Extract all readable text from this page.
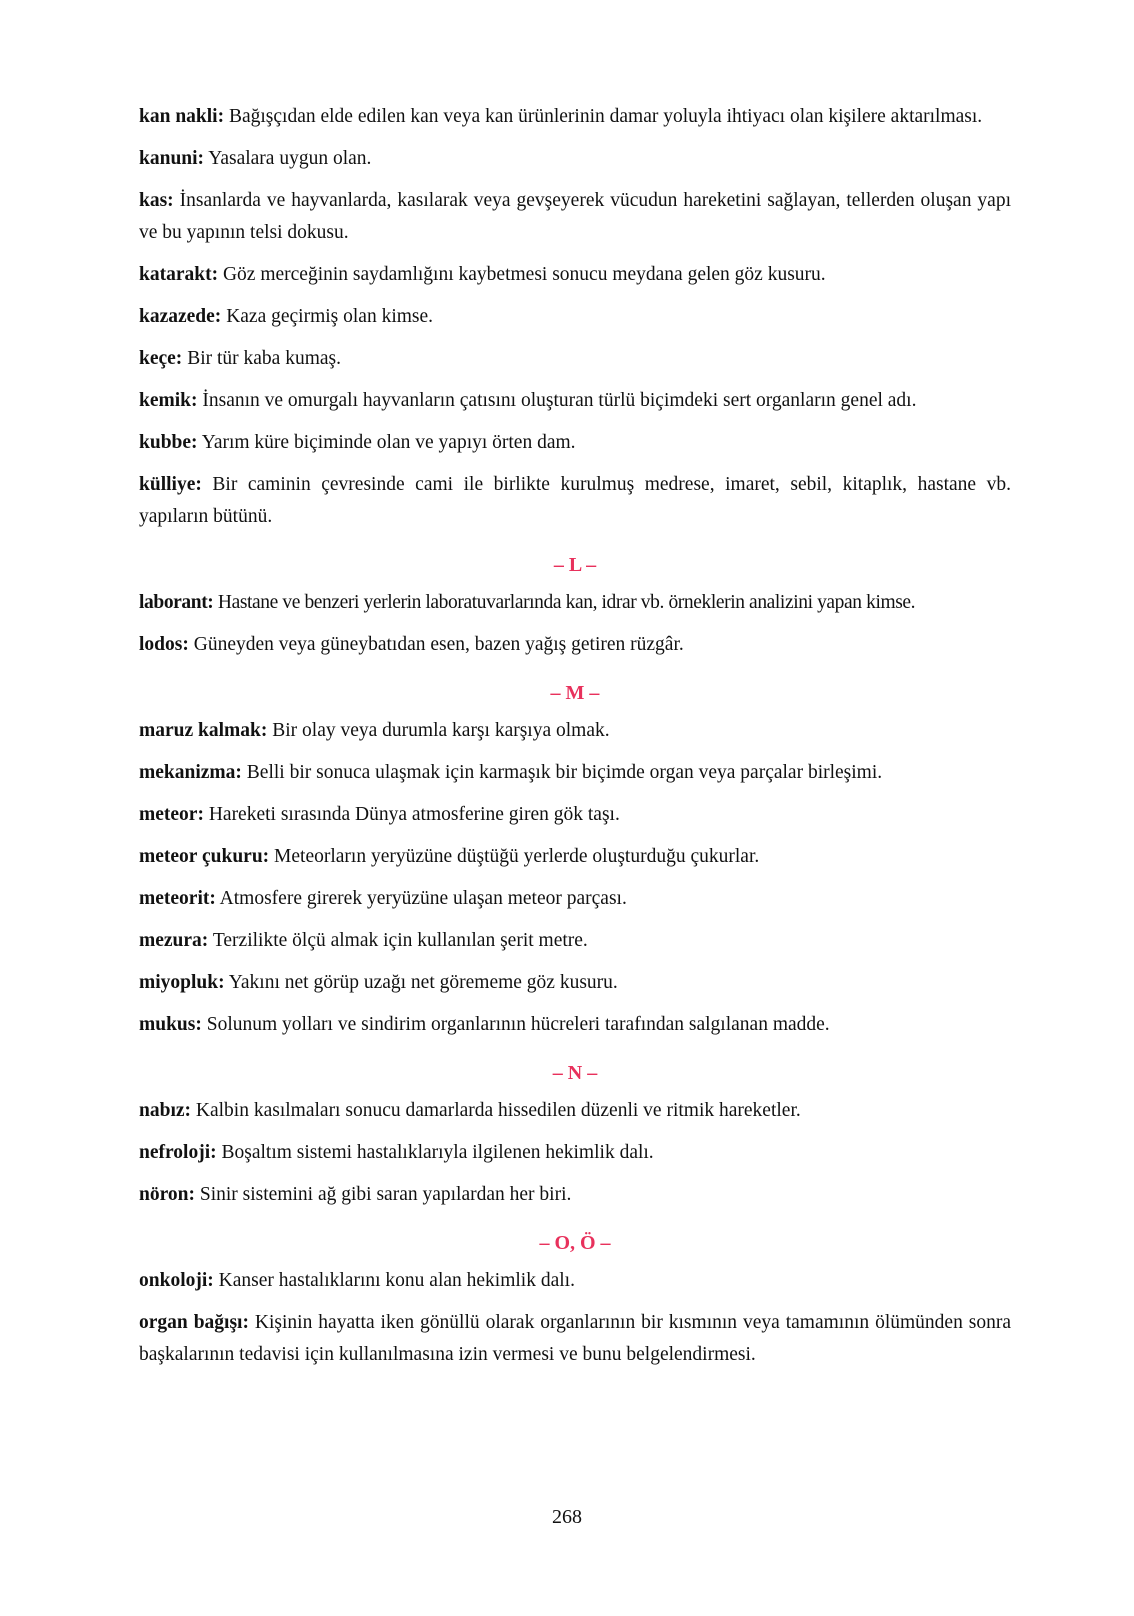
kan nakli: Bağışçıdan elde edilen kan veya kan ürünlerinin damar yoluyla ihtiyacı olan kişilere aktarılması.
kanuni: Yasalara uygun olan.
kas: İnsanlarda ve hayvanlarda, kasılarak veya gevşeyerek vücudun hareketini sağlayan, tellerden oluşan yapı ve bu yapının telsi dokusu.
katarakt: Göz merceğinin saydamlığını kaybetmesi sonucu meydana gelen göz kusuru.
kazazede: Kaza geçirmiş olan kimse.
keçe: Bir tür kaba kumaş.
kemik: İnsanın ve omurgalı hayvanların çatısını oluşturan türlü biçimdeki sert organların genel adı.
kubbe: Yarım küre biçiminde olan ve yapıyı örten dam.
külliye: Bir caminin çevresinde cami ile birlikte kurulmuş medrese, imaret, sebil, kitaplık, hastane vb. yapıların bütünü.
– L –
laborant: Hastane ve benzeri yerlerin laboratuvarlarında kan, idrar vb. örneklerin analizini yapan kimse.
lodos: Güneyden veya güneybatıdan esen, bazen yağış getiren rüzgâr.
– M –
maruz kalmak: Bir olay veya durumla karşı karşıya olmak.
mekanizma: Belli bir sonuca ulaşmak için karmaşık bir biçimde organ veya parçalar birleşimi.
meteor: Hareketi sırasında Dünya atmosferine giren gök taşı.
meteor çukuru: Meteorların yeryüzüne düştüğü yerlerde oluşturduğu çukurlar.
meteorit: Atmosfere girerek yeryüzüne ulaşan meteor parçası.
mezura: Terzilikte ölçü almak için kullanılan şerit metre.
miyopluk: Yakını net görüp uzağı net görememe göz kusuru.
mukus: Solunum yolları ve sindirim organlarının hücreleri tarafından salgılanan madde.
– N –
nabız: Kalbin kasılmaları sonucu damarlarda hissedilen düzenli ve ritmik hareketler.
nefroloji: Boşaltım sistemi hastalıklarıyla ilgilenen hekimlik dalı.
nöron: Sinir sistemini ağ gibi saran yapılardan her biri.
– O, Ö –
onkoloji: Kanser hastalıklarını konu alan hekimlik dalı.
organ bağışı: Kişinin hayatta iken gönüllü olarak organlarının bir kısmının veya tamamının ölümünden sonra başkalarının tedavisi için kullanılmasına izin vermesi ve bunu belgelendirmesi.
268
